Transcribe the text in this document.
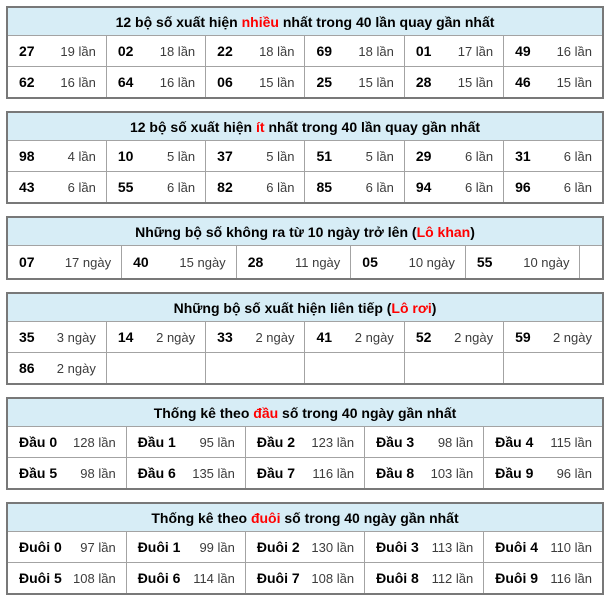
12 bộ số xuất hiện nhiều nhất trong 40 lần quay gần nhất					

27 19 lần	02 18 lần	22 18 lần	69 18 lần	01 17 lần	49 16 lần

62 16 lần	64 16 lần	06 15 lần	25 15 lần	28 15 lần	46 15 lần
12 bộ số xuất hiện ít nhất trong 40 lần quay gần nhất					

98 4 lần	10 5 lần	37 5 lần	51 5 lần	29 6 lần	31 6 lần

43 6 lần	55 6 lần	82 6 lần	85 6 lần	94 6 lần	96 6 lần
Những bộ số không ra từ 10 ngày trở lên (Lô khan)

07 17 ngày	40 15 ngày	28 11 ngày	05 10 ngày	55 10 ngày

Những bộ số xuất hiện liên tiếp (Lô rơi)					

35 3 ngày	14 2 ngày	33 2 ngày	41 2 ngày	52 2 ngày	59 2 ngày

86 2 ngày					

Thống kê theo đầu số trong 40 ngày gần nhất				

Đầu 0 128 lần	Đầu 1 95 lần	Đầu 2 123 lần	Đầu 3 98 lần	Đầu 4 115 lần

Đầu 5 98 lần	Đầu 6 135 lần	Đầu 7 116 lần	Đầu 8 103 lần	Đầu 9 96 lần
Thống kê theo đuôi số trong 40 ngày gần nhất				

Đuôi 0 97 lần	Đuôi 1 99 lần	Đuôi 2 130 lần	Đuôi 3 113 lần	Đuôi 4 110 lần

Đuôi 5 108 lần	Đuôi 6 114 lần	Đuôi 7 108 lần	Đuôi 8 112 lần	Đuôi 9 116 lần
